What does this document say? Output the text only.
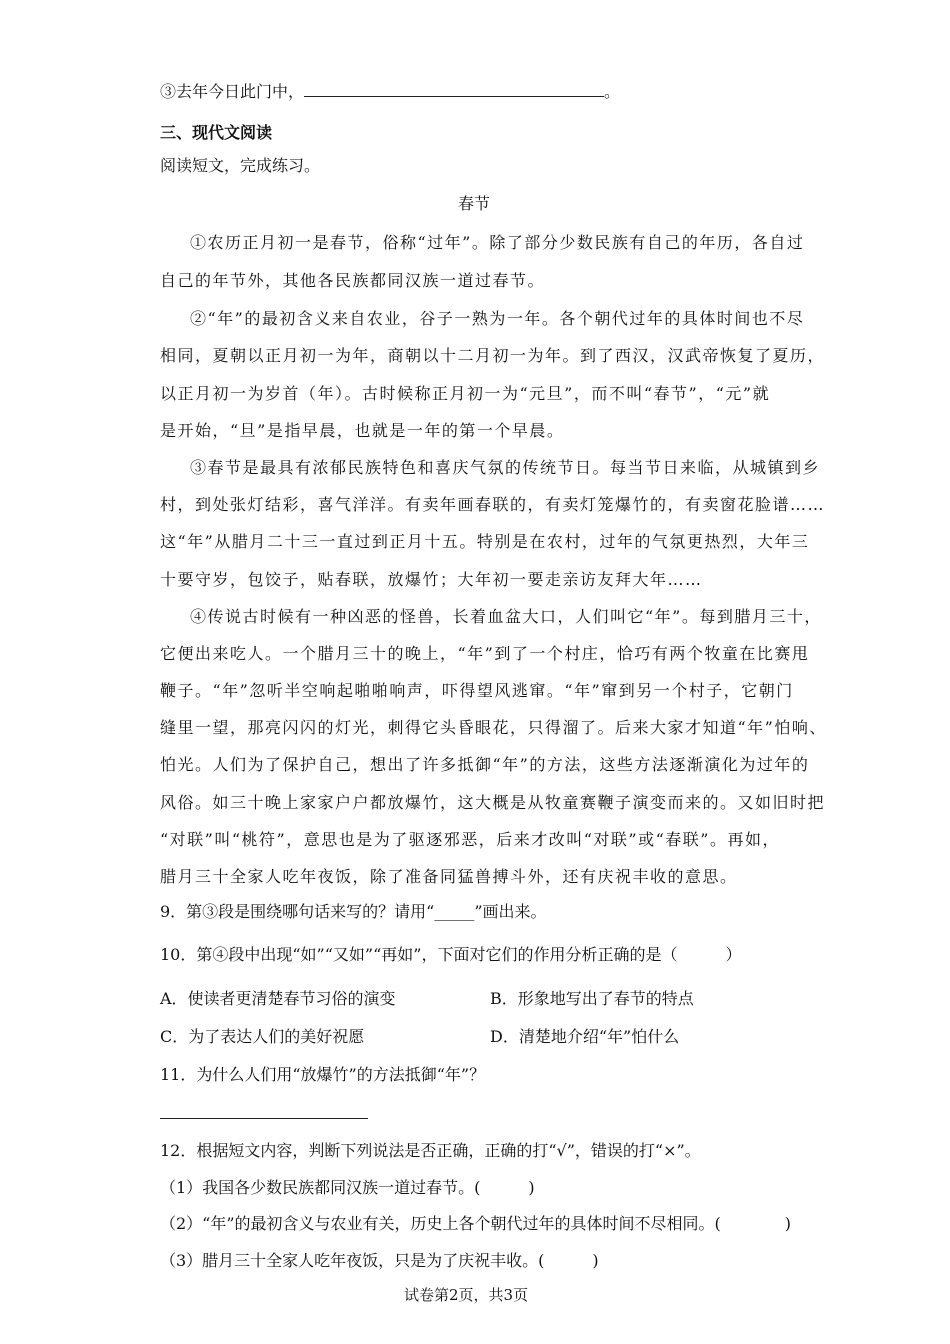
③去年今日此门中，	。
三、现代文阅读
阅读短文，完成练习。
春节
①农历正月初一是春节，俗称“过年”。除了部分少数民族有自己的年历，各自过
自己的年节外，其他各民族都同汉族一道过春节。
②“年”的最初含义来自农业，谷子一熟为一年。各个朝代过年的具体时间也不尽
相同，夏朝以正月初一为年，商朝以十二月初一为年。到了西汉，汉武帝恢复了夏历，
以正月初一为岁首（年）。古时候称正月初一为“元旦”，而不叫“春节”，“元”就
是开始，“旦”是指早晨，也就是一年的第一个早晨。
③春节是最具有浓郁民族特色和喜庆气氛的传统节日。每当节日来临，从城镇到乡
村，到处张灯结彩，喜气洋洋。有卖年画春联的，有卖灯笼爆竹的，有卖窗花脸谱……
这“年”从腊月二十三一直过到正月十五。特别是在农村，过年的气氛更热烈，大年三
十要守岁，包饺子，贴春联，放爆竹；大年初一要走亲访友拜大年……
④传说古时候有一种凶恶的怪兽，长着血盆大口，人们叫它“年”。每到腊月三十，
它便出来吃人。一个腊月三十的晚上，“年”到了一个村庄，恰巧有两个牧童在比赛甩
鞭子。“年”忽听半空响起啪啪响声，吓得望风逃窜。“年”窜到另一个村子，它朝门
缝里一望，那亮闪闪的灯光，刺得它头昏眼花，只得溜了。后来大家才知道“年”怕响、
怕光。人们为了保护自己，想出了许多抵御“年”的方法，这些方法逐渐演化为过年的
风俗。如三十晚上家家户户都放爆竹，这大概是从牧童赛鞭子演变而来的。又如旧时把
“对联”叫“桃符”，意思也是为了驱逐邪恶，后来才改叫“对联”或“春联”。再如，
腊月三十全家人吃年夜饭，除了准备同猛兽搏斗外，还有庆祝丰收的意思。
9．第③段是围绕哪句话来写的？请用“_____”画出来。
10．第④段中出现“如”“又如”“再如”，下面对它们的作用分析正确的是（　　　）
A．使读者更清楚春节习俗的演变	B．形象地写出了春节的特点
C．为了表达人们的美好祝愿	D．清楚地介绍“年”怕什么
11．为什么人们用“放爆竹”的方法抵御“年”？
12．根据短文内容，判断下列说法是否正确，正确的打“√”，错误的打“×”。
（1）我国各少数民族都同汉族一道过春节。(　　　)
（2）“年”的最初含义与农业有关，历史上各个朝代过年的具体时间不尽相同。(　　　　)
（3）腊月三十全家人吃年夜饭，只是为了庆祝丰收。(　　　)
试卷第2页，共3页
